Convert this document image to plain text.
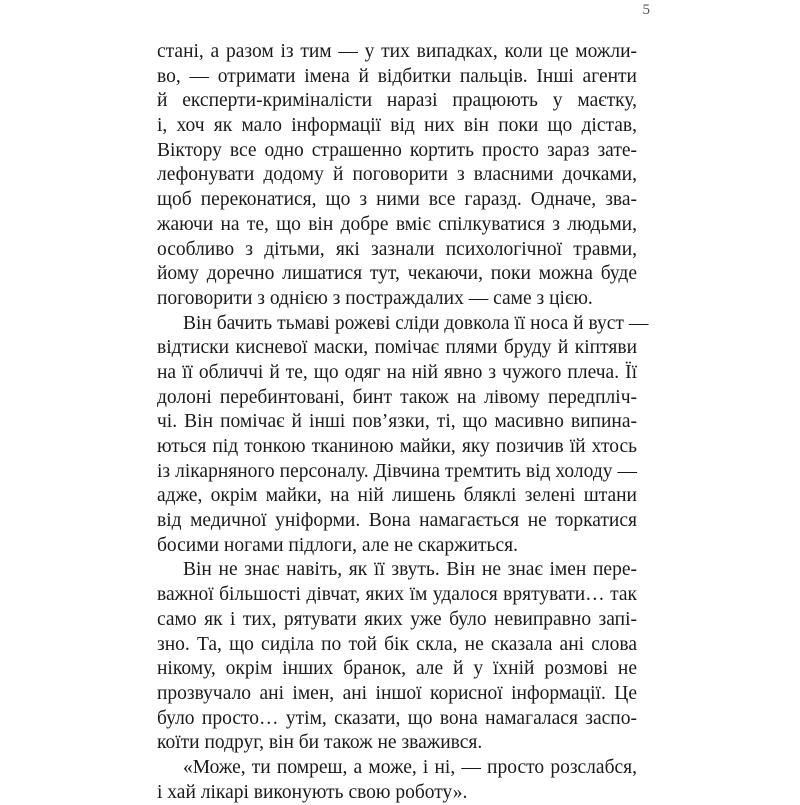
5
стані, а разом із тим — у тих випадках, коли це можли-
во, — отримати імена й відбитки пальців. Інші агенти
й експерти-криміналісти наразі працюють у маєтку,
і, хоч як мало інформації від них він поки що дістав,
Віктору все одно страшенно кортить просто зараз зате-
лефонувати додому й поговорити з власними дочками,
щоб переконатися, що з ними все гаразд. Одначе, зва-
жаючи на те, що він добре вміє спілкуватися з людьми,
особливо з дітьми, які зазнали психологічної травми,
йому доречно лишатися тут, чекаючи, поки можна буде
поговорити з однією з постраждалих — саме з цією.
Він бачить тьмаві рожеві сліди довкола її носа й вуст —
відтиски кисневої маски, помічає плями бруду й кіптяви
на її обличчі й те, що одяг на ній явно з чужого плеча. Її
долоні перебинтовані, бинт також на лівому передпліч-
чі. Він помічає й інші пов’язки, ті, що масивно випина-
ються під тонкою тканиною майки, яку позичив їй хтось
із лікарняного персоналу. Дівчина тремтить від холоду —
адже, окрім майки, на ній лишень бляклі зелені штани
від медичної уніформи. Вона намагається не торкатися
босими ногами підлоги, але не скаржиться.
Він не знає навіть, як її звуть. Він не знає імен пере-
важної більшості дівчат, яких їм удалося врятувати… так
само як і тих, рятувати яких уже було невиправно запі-
зно. Та, що сиділа по той бік скла, не сказала ані слова
нікому, окрім інших бранок, але й у їхній розмові не
прозвучало ані імен, ані іншої корисної інформації. Це
було просто… утім, сказати, що вона намагалася заспо-
коїти подруг, він би також не зважився.
«Може, ти помреш, а може, і ні, — просто розслабся,
і хай лікарі виконують свою роботу».
